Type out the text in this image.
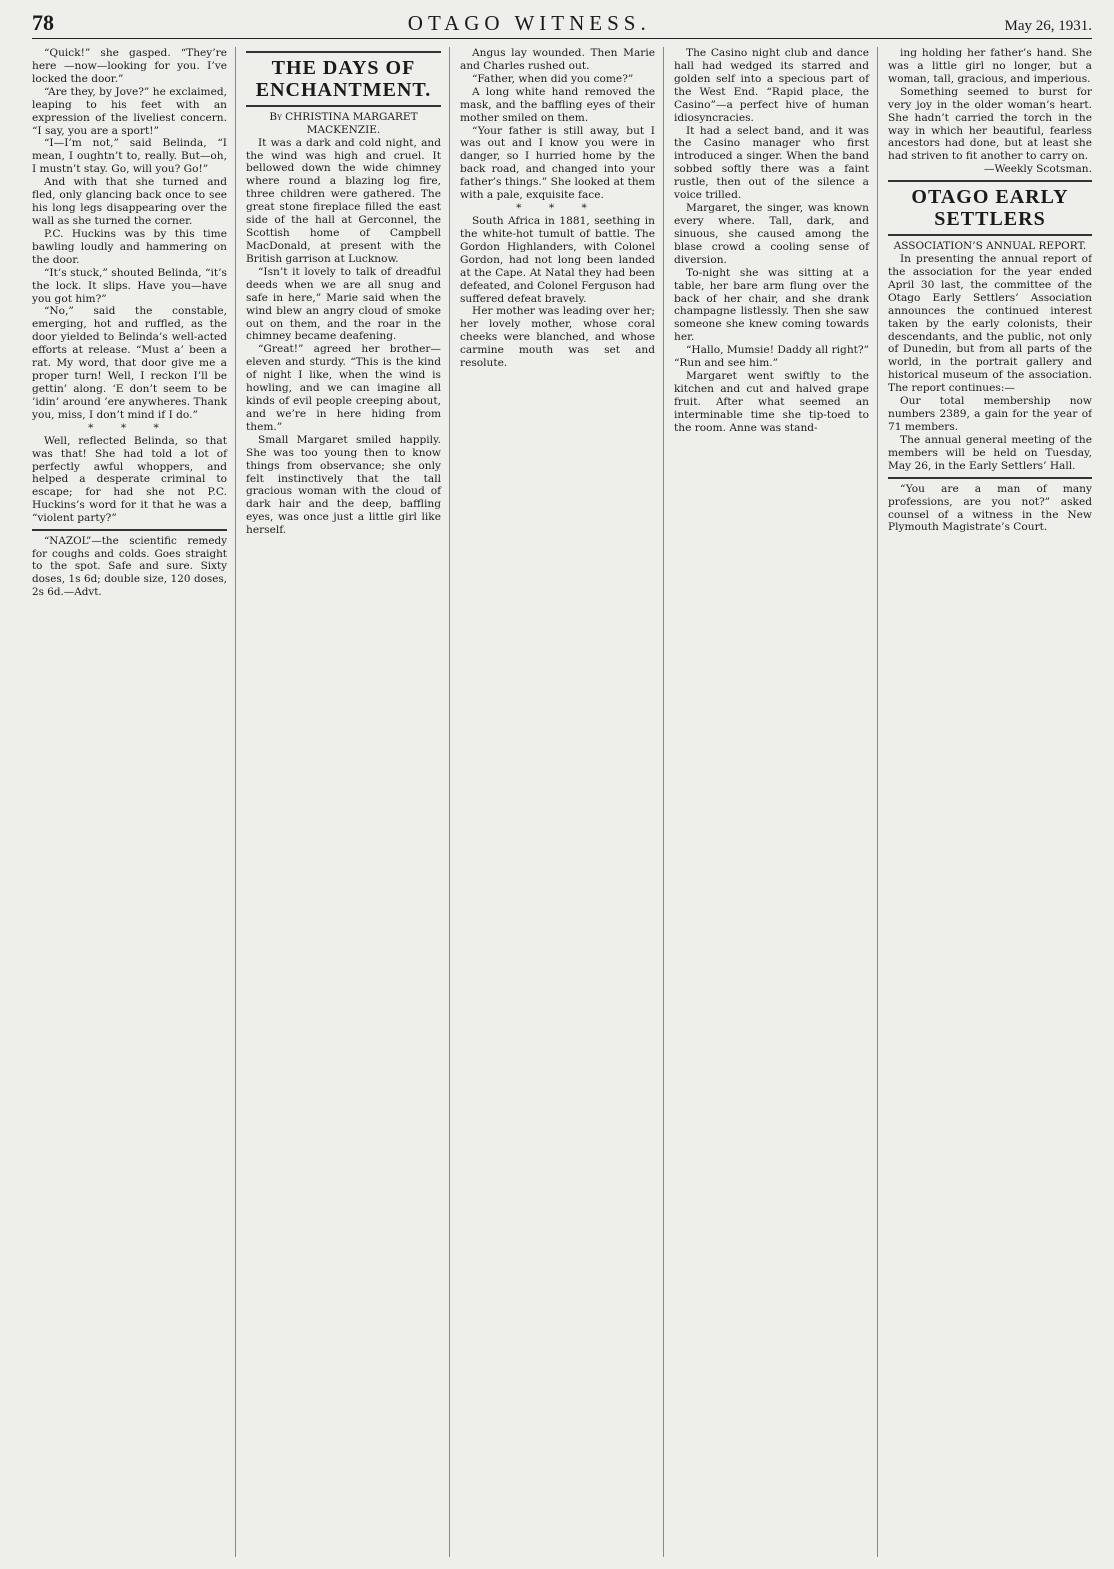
78	OTAGO WITNESS.	May 26, 1931.

“Quick!” she gasped. “They’re here —now—looking for you. I’ve locked the door.”

“Are they, by Jove?” he exclaimed, leaping to his feet with an expression of the liveliest concern. “I say, you are a sport!”

“I—I’m not,” said Belinda, “I mean, I oughtn’t to, really. But—oh, I mustn’t stay. Go, will you? Go!”

And with that she turned and fled, only glancing back once to see his long legs disappearing over the wall as she turned the corner.

P.C. Huckins was by this time bawling loudly and hammering on the door.

“It’s stuck,” shouted Belinda, “it’s the lock. It slips. Have you—have you got him?”

“No,” said the constable, emerging, hot and ruffled, as the door yielded to Belinda’s well-acted efforts at release. “Must a’ been a rat. My word, that door give me a proper turn! Well, I reckon I’ll be gettin’ along. ‘E don’t seem to be ’idin’ around ’ere anywheres. Thank you, miss, I don’t mind if I do.”

* * *

Well, reflected Belinda, so that was that! She had told a lot of perfectly awful whoppers, and helped a desperate criminal to escape; for had she not P.C. Huckins’s word for it that he was a “violent party?”

“NAZOL”—the scientific remedy for coughs and colds. Goes straight to the spot. Safe and sure. Sixty doses, 1s 6d; double size, 120 doses, 2s 6d.—Advt.

THE DAYS OF ENCHANTMENT.

By CHRISTINA MARGARET MACKENZIE.

It was a dark and cold night, and the wind was high and cruel. It bellowed down the wide chimney where round a blazing log fire, three children were gathered. The great stone fireplace filled the east side of the hall at Gerconnel, the Scottish home of Campbell MacDonald, at present with the British garrison at Lucknow.

“Isn’t it lovely to talk of dreadful deeds when we are all snug and safe in here,” Marie said when the wind blew an angry cloud of smoke out on them, and the roar in the chimney became deafening.

“Great!” agreed her brother—eleven and sturdy. “This is the kind of night I like, when the wind is howling, and we can imagine all kinds of evil people creeping about, and we’re in here hiding from them.”

Small Margaret smiled happily. She was too young then to know things from observance; she only felt instinctively that the tall gracious woman with the cloud of dark hair and the deep, baffling eyes, was once just a little girl like herself.

Angus lay wounded. Then Marie and Charles rushed out.

“Father, when did you come?”

A long white hand removed the mask, and the baffling eyes of their mother smiled on them.

“Your father is still away, but I was out and I know you were in danger, so I hurried home by the back road, and changed into your father’s things.” She looked at them with a pale, exquisite face.

* * *

South Africa in 1881, seething in the white-hot tumult of battle. The Gordon Highlanders, with Colonel Gordon, had not long been landed at the Cape. At Natal they had been defeated, and Colonel Ferguson had suffered defeat bravely.

Her mother was leading over her; her lovely mother, whose coral cheeks were blanched, and whose carmine mouth was set and resolute.

The Casino night club and dance hall had wedged its starred and golden self into a specious part of the West End. “Rapid place, the Casino”—a perfect hive of human idiosyncracies.

It had a select band, and it was the Casino manager who first introduced a singer. When the band sobbed softly there was a faint rustle, then out of the silence a voice trilled.

Margaret, the singer, was known every where. Tall, dark, and sinuous, she caused among the blase crowd a cooling sense of diversion.

To-night she was sitting at a table, her bare arm flung over the back of her chair, and she drank champagne listlessly. Then she saw someone she knew coming towards her.

“Hallo, Mumsie! Daddy all right?” “Run and see him.”

Margaret went swiftly to the kitchen and cut and halved grape fruit. After what seemed an interminable time she tip-toed to the room. Anne was stand-

ing holding her father’s hand. She was a little girl no longer, but a woman, tall, gracious, and imperious.

Something seemed to burst for very joy in the older woman’s heart. She hadn’t carried the torch in the way in which her beautiful, fearless ancestors had done, but at least she had striven to fit another to carry on.

—Weekly Scotsman.

OTAGO EARLY SETTLERS

ASSOCIATION’S ANNUAL REPORT.

In presenting the annual report of the association for the year ended April 30 last, the committee of the Otago Early Settlers’ Association announces the continued interest taken by the early colonists, their descendants, and the public, not only of Dunedin, but from all parts of the world, in the portrait gallery and historical museum of the association. The report continues:—

Our total membership now numbers 2389, a gain for the year of 71 members.

The annual general meeting of the members will be held on Tuesday, May 26, in the Early Settlers’ Hall.

“You are a man of many professions, are you not?” asked counsel of a witness in the New Plymouth Magistrate’s Court.
